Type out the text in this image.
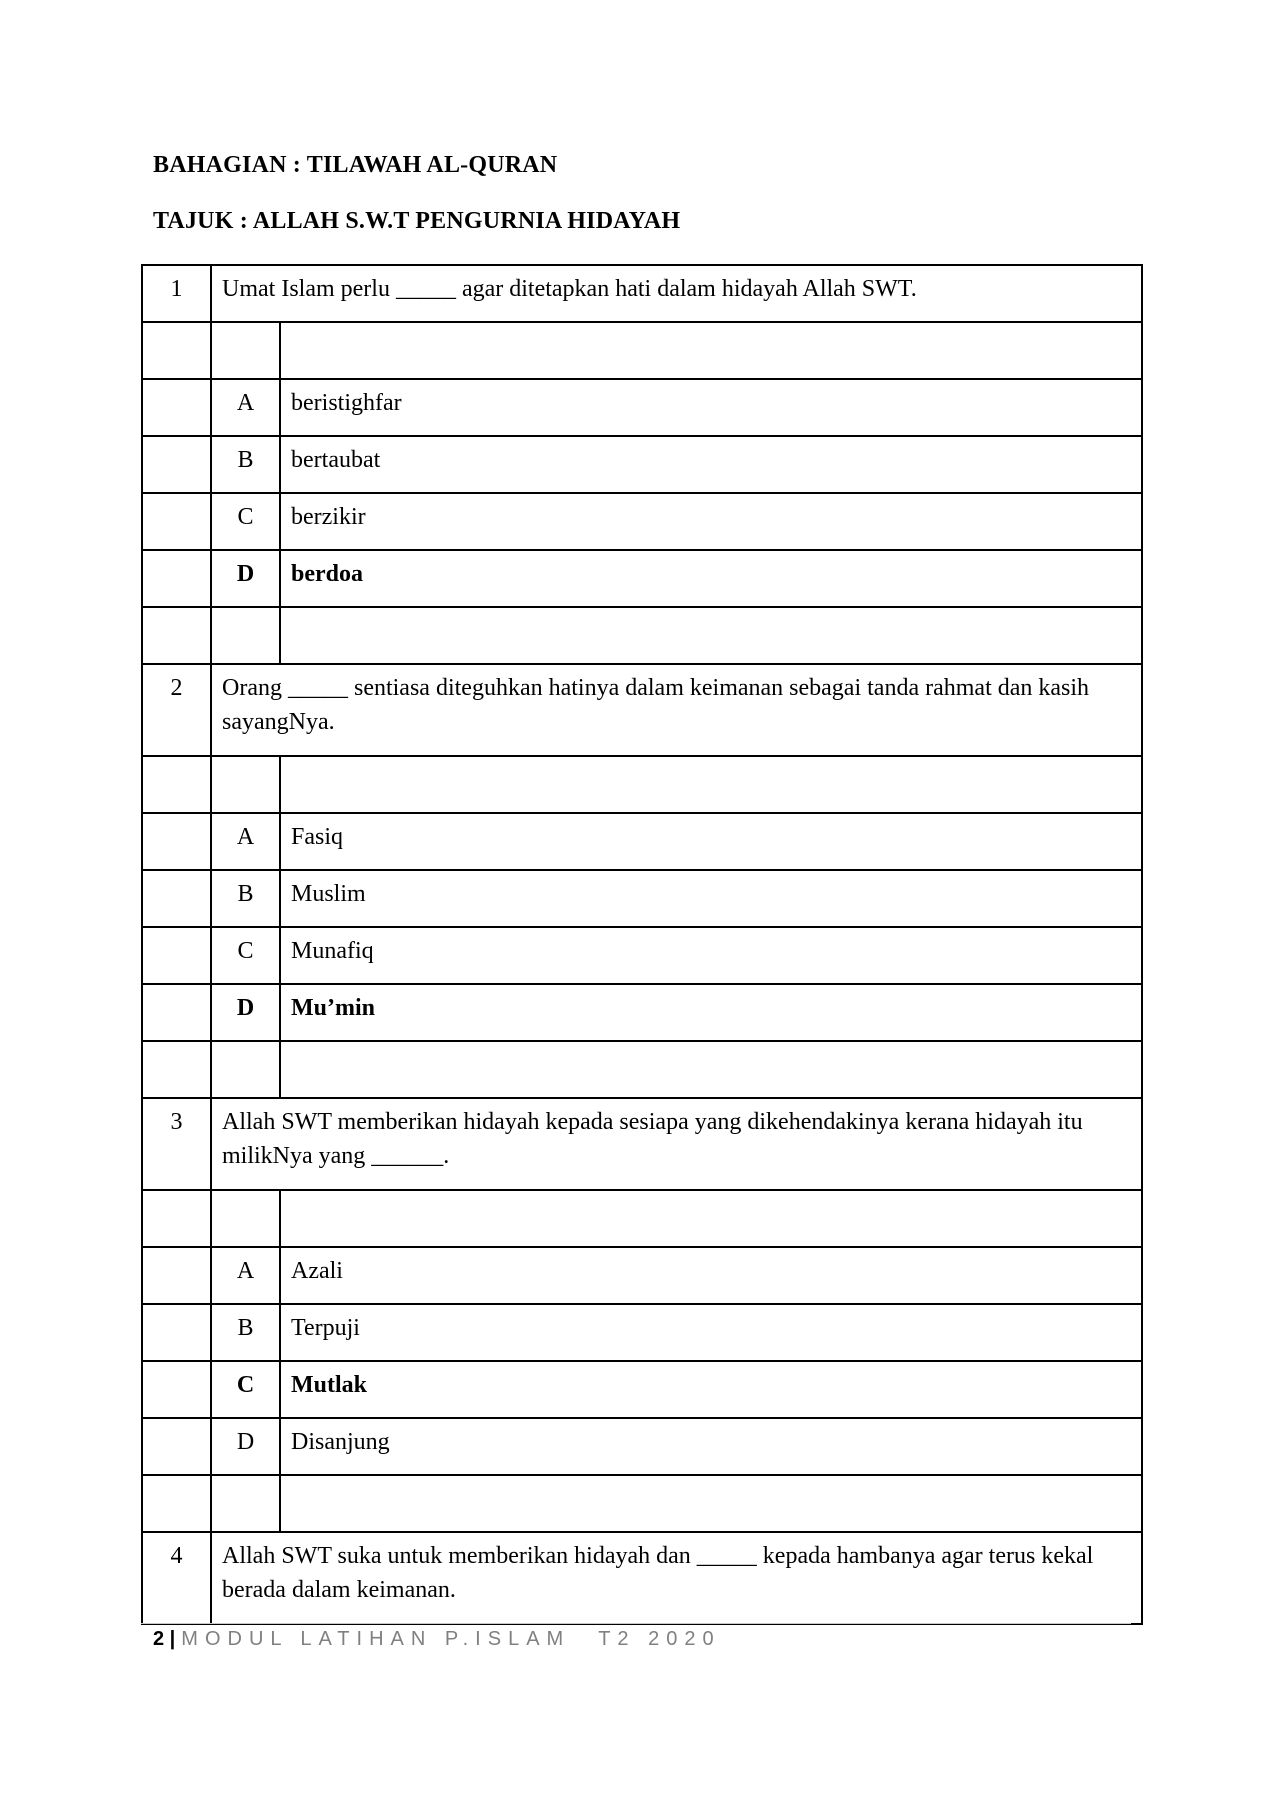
BAHAGIAN : TILAWAH AL-QURAN
TAJUK : ALLAH S.W.T PENGURNIA HIDAYAH
1	Umat Islam perlu _____ agar ditetapkan hati dalam hidayah Allah SWT.	

	A	beristighfar
	B	bertaubat
	C	berzikir
	D	berdoa

2	Orang _____ sentiasa diteguhkan hatinya dalam keimanan sebagai tanda rahmat dan kasih sayangNya.	

	A	Fasiq
	B	Muslim
	C	Munafiq
	D	Mu’min

3	Allah SWT memberikan hidayah kepada sesiapa yang dikehendakinya kerana hidayah itu milikNya yang ______.	

	A	Azali
	B	Terpuji
	C	Mutlak
	D	Disanjung

4	Allah SWT suka untuk memberikan hidayah dan _____ kepada hambanya agar terus kekal berada dalam keimanan.	
2 | MODUL LATIHAN P.ISLAM T2 2020
